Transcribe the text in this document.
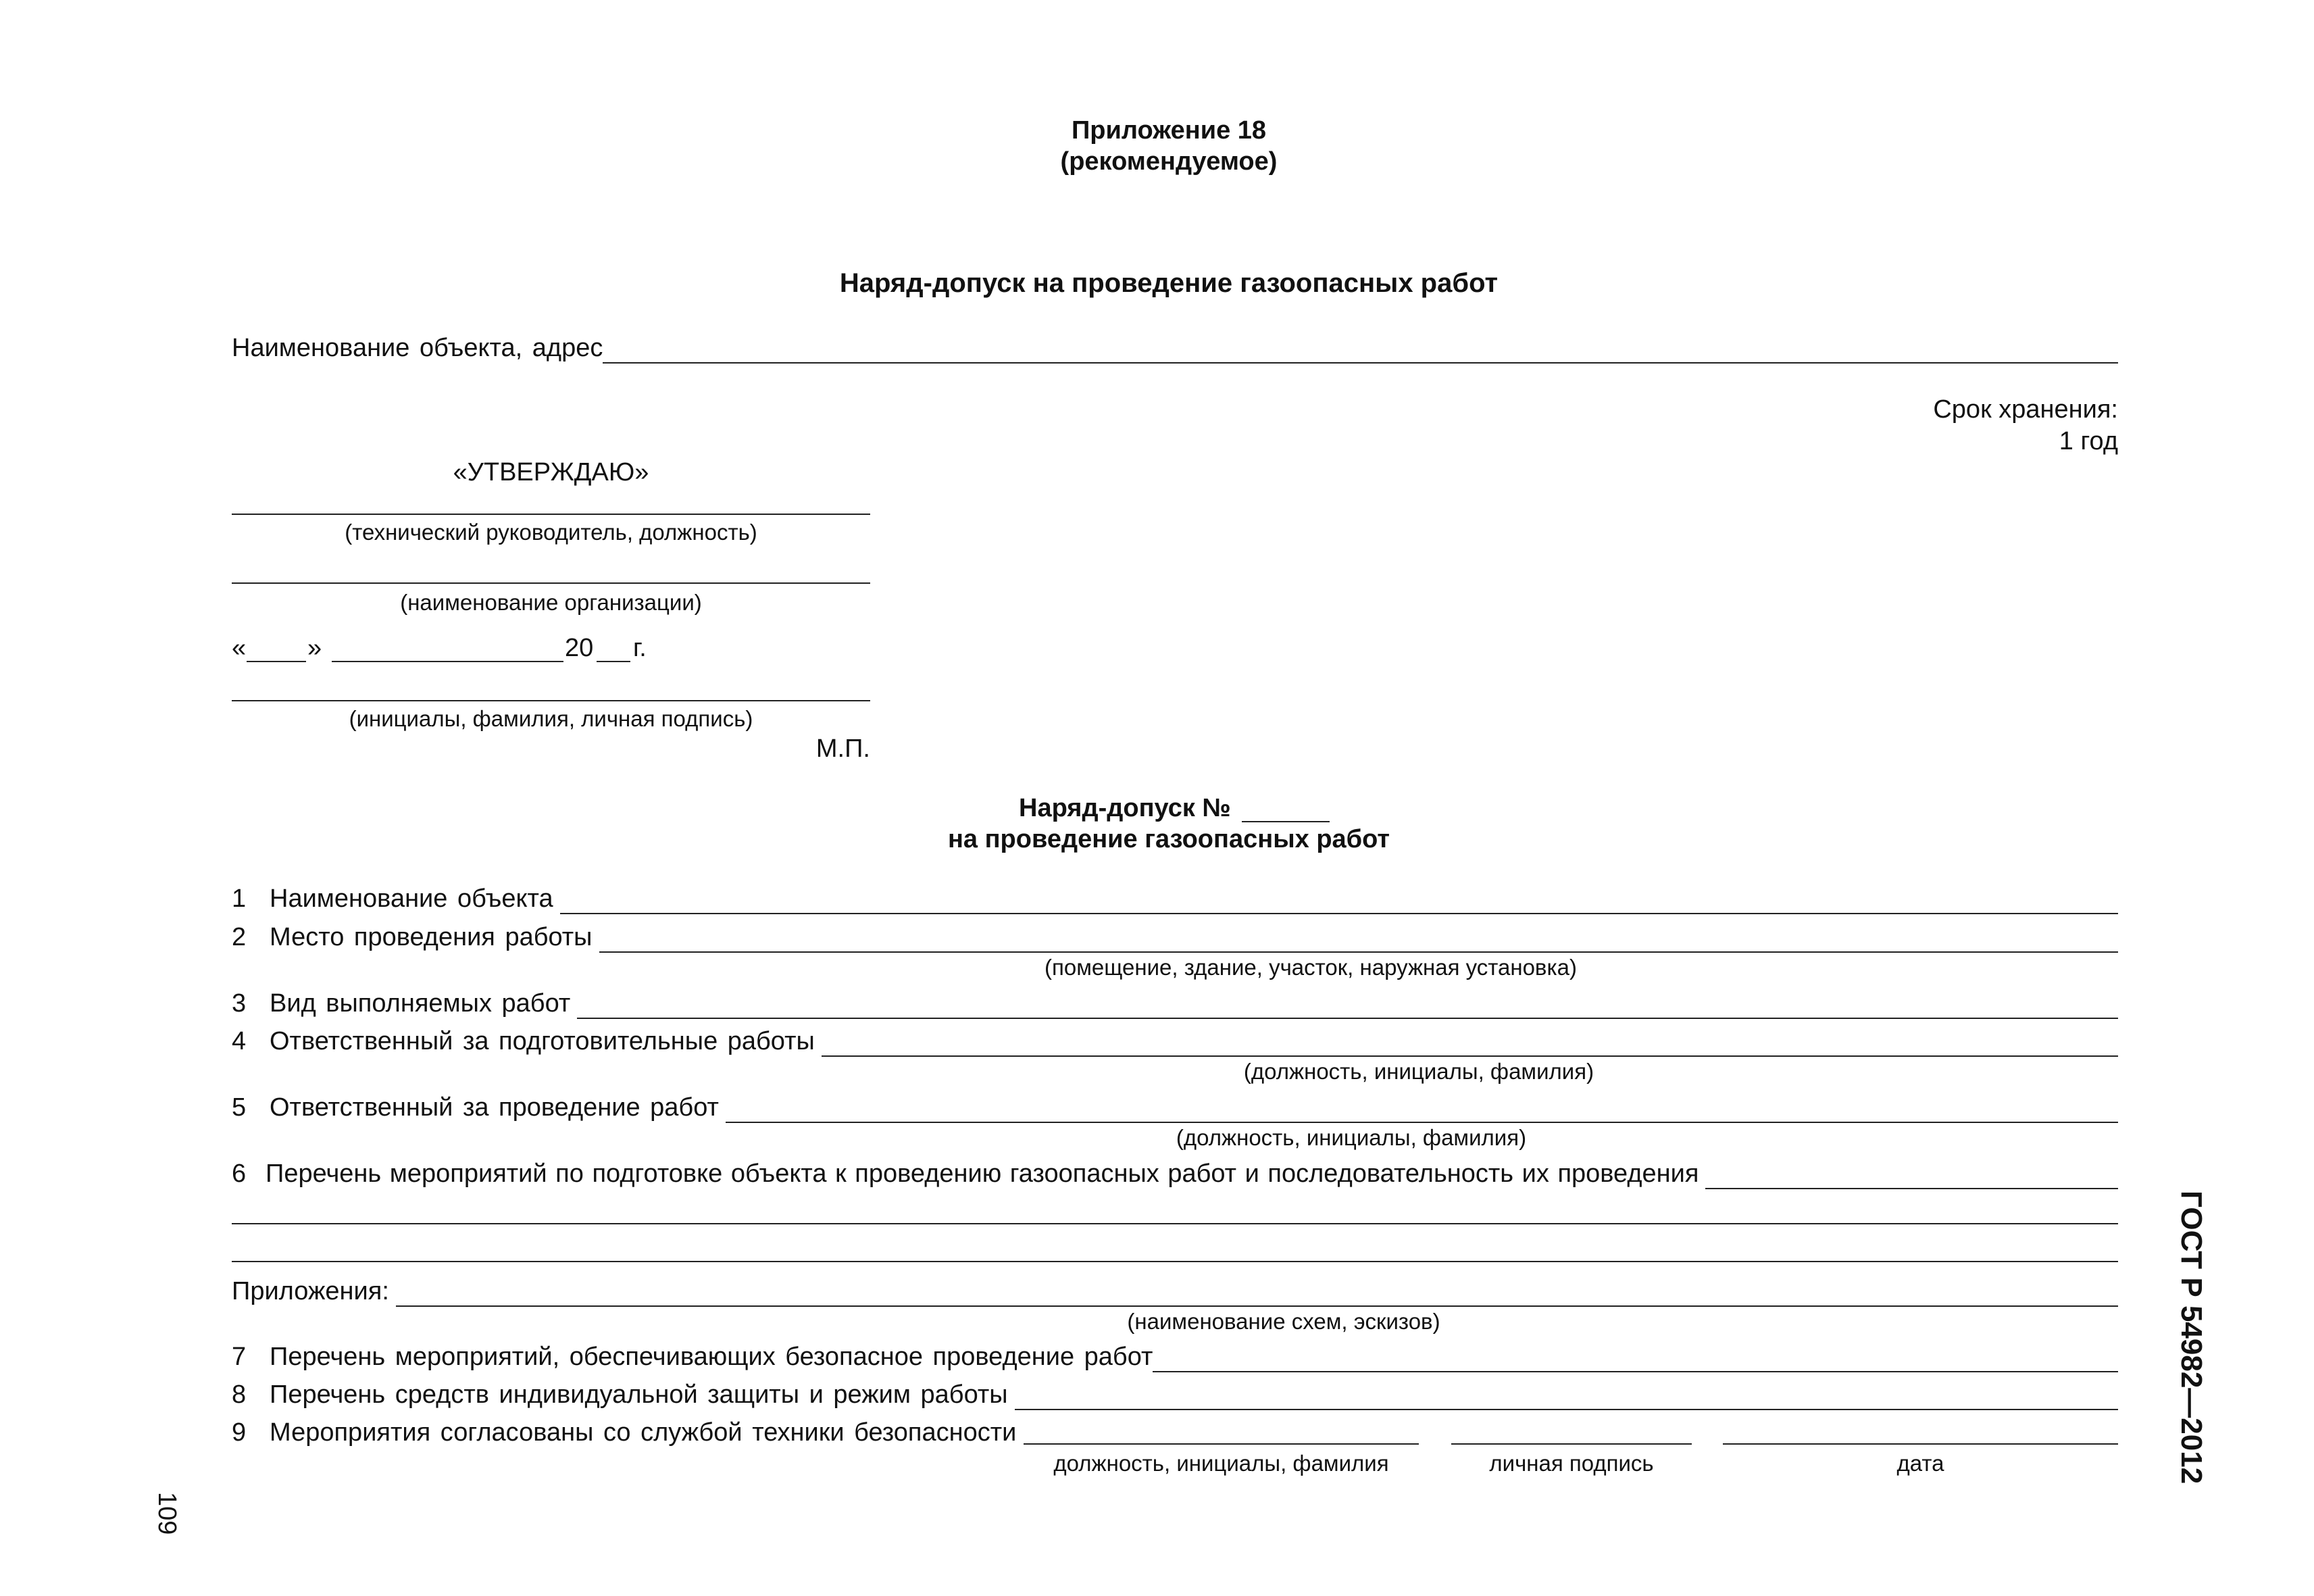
Приложение 18
(рекомендуемое)
Наряд-допуск на проведение газоопасных работ
Наименование объекта, адрес
Срок хранения:
1 год
«УТВЕРЖДАЮ»
(технический руководитель, должность)
(наименование организации)
« »	20 г.
(инициалы, фамилия, личная подпись)
М.П.
Наряд-допуск №
на проведение газоопасных работ
1 Наименование объекта
2 Место проведения работы
(помещение, здание, участок, наружная установка)
3 Вид выполняемых работ
4 Ответственный за подготовительные работы
(должность, инициалы, фамилия)
5 Ответственный за проведение работ
(должность, инициалы, фамилия)
6 Перечень мероприятий по подготовке объекта к проведению газоопасных работ и последовательность их проведения
Приложения:
(наименование схем, эскизов)
7 Перечень мероприятий, обеспечивающих безопасное проведение работ
8 Перечень средств индивидуальной защиты и режим работы
9 Мероприятия согласованы со службой техники безопасности
должность, инициалы, фамилия	личная подпись	дата	ГОСТ Р 54982—2012
109
